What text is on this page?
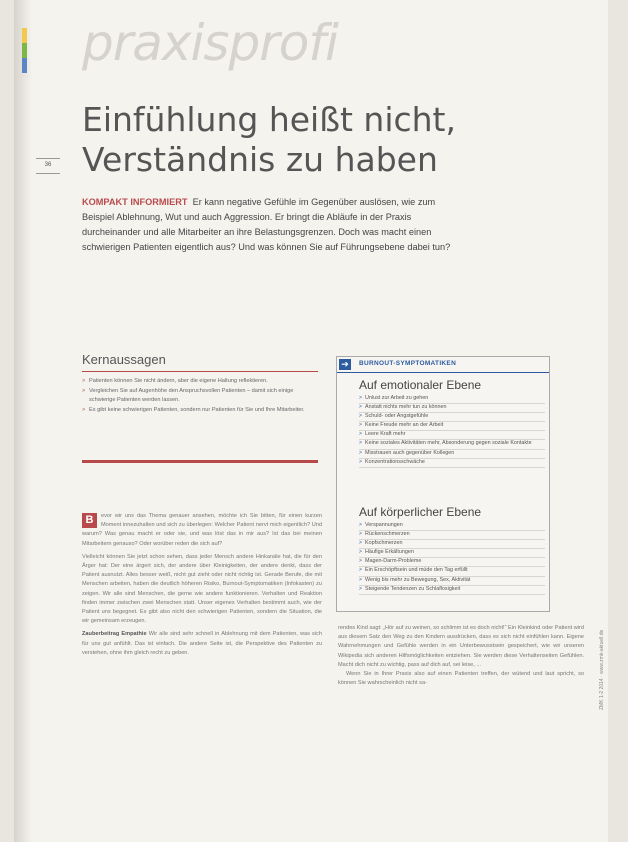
36
praxisprofi
Einfühlung heißt nicht,
Verständnis zu haben

KOMPAKT INFORMIERT Er kann negative Gefühle im Gegenüber auslösen, wie zum Beispiel Ablehnung, Wut und auch Aggression. Er bringt die Abläufe in der Praxis durcheinander und alle Mitarbeiter an ihre Belastungsgrenzen. Doch was macht einen schwierigen Patienten eigentlich aus? Und was können Sie auf Führungsebene dabei tun?

Kernaussagen
> Patienten können Sie nicht ändern, aber die eigene Haltung reflektieren.
> Vergleichen Sie auf Augenhöhe den Anspruchsvollen Patienten – damit sich einige schwierige Patienten werden lassen.
> Es gibt keine schwierigen Patienten, sondern nur Patienten für Sie und Ihre Mitarbeiter.
➔	BURNOUT-SYMPTOMATIKEN
Auf emotionaler Ebene
> Unlust zur Arbeit zu gehen
> Anstatt nichts mehr tun zu können
> Schuld- oder Angstgefühle
> Keine Freude mehr an der Arbeit
> Leere Kraft mehr
> Keine soziales Aktivitäten mehr, Absonderung gegen soziale Kontakte
> Misstrauen auch gegenüber Kollegen
> Konzentrationsschwäche
Auf körperlicher Ebene
> Verspannungen
> Rückenschmerzen
> Kopfschmerzen
> Häufige Erkältungen
> Magen-Darm-Probleme
> Ein Erschöpftsein und müde den Tag erfüllt
> Wenig bis mehr zu Bewegung, Sex, Aktivität
> Steigende Tendenzen zu Schlaflosigkeit

B	evor wir uns das Thema genauer ansehen, möchte ich Sie bitten, für einen kurzen Moment innezuhalten und sich zu überlegen: Welcher Patient nervt mich eigentlich? Und warum? Was genau macht er oder sie, und was löst das in mir aus? Ist das bei meinen Mitarbeitern genauso? Oder worüber reden die sich auf?

Vielleicht können Sie jetzt schon sehen, dass jeder Mensch andere Hinkanäle hat, die für den Ärger hat: Der eine ärgert sich, der andere über Kleinigkeiten, der andere denkt, dass der Patient ausnutzt. Alles besser weiß, nicht gut zieht oder nicht richtig ist. Gerade Berufe, die mit Menschen arbeiten, haben die deutlich höheren Risiko, Burnout-Symptomatiken (Infokasten) zu zeigen. Wir alle sind Menschen, die gerne wie andere funktionieren. Verhalten und Reaktion finden immer zwischen zwei Menschen statt. Unser eigenes Verhalten bestimmt auch, wie der Patient uns begegnet. Es gibt also nicht den schwierigen Patienten, sondern die Situation, die wir gemeinsam erzeugen.

Zauberbeitrag Empathie Wir alle sind sehr schnell in Ablehnung mit dem Patienten, was sich für uns gut anfühlt. Das ist einfach. Die andere Seite ist, die Perspektive des Patienten zu verstehen, ohne ihm gleich recht zu geben.

rendes Kind sagt: „Hör auf zu weinen, so schlimm ist es doch nicht!“ Ein Kleinkind oder Patient wird aus diesem Satz den Weg zu den Kindern ausdrücken, dass es sich nicht einfühlen kann. Eigene Wahrnehmungen und Gefühle werden in ein Unterbewusstsein gespeichert, wie wir unseren Wikipedia sich anderen Hilfsmöglichkeiten entziehen. Sie werden diese Verhaltenseiten Gefühlen. Macht dich nicht zu wichtig, pass auf dich auf, sei leise, ...

Wenn Sie in Ihrer Praxis also auf einen Patienten treffen, der wütend und laut spricht, so können Sie wahrscheinlich nicht sa-	ZMK 1-2 2014 · www.zmk-aktuell.de
